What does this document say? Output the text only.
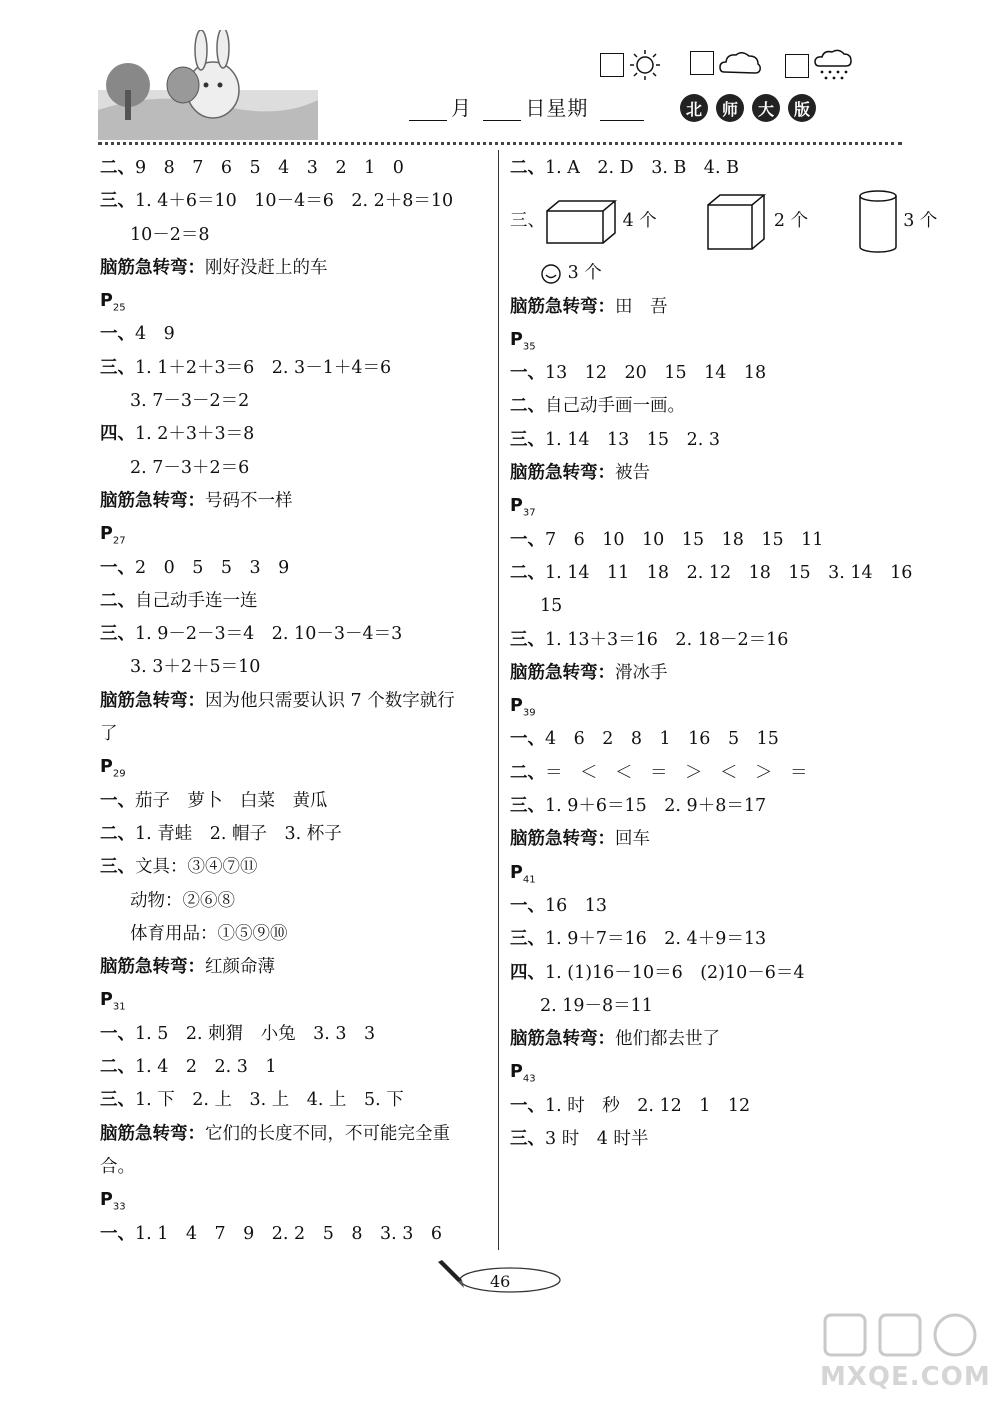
月	日星期	北	师	大	版
二、9　8　7　6　5　4　3　2　1　0
三、1. 4＋6＝10　10－4＝6　2. 2＋8＝10
10－2＝8
脑筋急转弯：刚好没赶上的车
$P_{25}$
一、4　9
三、1. 1＋2＋3＝6　2. 3－1＋4＝6
3. 7－3－2＝2
四、1. 2＋3＋3＝8
2. 7－3＋2＝6
脑筋急转弯：号码不一样
$P_{27}$
一、2　0　5　5　3　9
二、自己动手连一连
三、1. 9－2－3＝4　2. 10－3－4＝3
3. 3＋2＋5＝10
脑筋急转弯：因为他只需要认识 7 个数字就行
了
$P_{29}$
一、茄子　萝卜　白菜　黄瓜
二、1. 青蛙　2. 帽子　3. 杯子
三、文具：③④⑦⑪
动物：②⑥⑧
体育用品：①⑤⑨⑩
脑筋急转弯：红颜命薄
$P_{31}$
一、1. 5　2. 刺猬　小兔　3. 3　3
二、1. 4　2　2. 3　1
三、1. 下　2. 上　3. 上　4. 上　5. 下
脑筋急转弯：它们的长度不同，不可能完全重
合。
$P_{33}$
一、1. 1　4　7　9　2. 2　5　8　3. 3　6
二、1. A　2. D　3. B　4. B
三、	4 个	2 个	3 个
3 个
脑筋急转弯：田　吾
$P_{35}$
一、13　12　20　15　14　18
二、自己动手画一画。
三、1. 14　13　15　2. 3
脑筋急转弯：被告
$P_{37}$
一、7　6　10　10　15　18　15　11
二、1. 14　11　18　2. 12　18　15　3. 14　16
15
三、1. 13＋3＝16　2. 18－2＝16
脑筋急转弯：滑冰手
$P_{39}$
一、4　6　2　8　1　16　5　15
二、＝　＜　＜　＝　＞　＜　＞　＝
三、1. 9＋6＝15　2. 9＋8＝17
脑筋急转弯：回车
$P_{41}$
一、16　13
三、1. 9＋7＝16　2. 4＋9＝13
四、1. (1)16－10＝6　(2)10－6＝4
2. 19－8＝11
脑筋急转弯：他们都去世了
$P_{43}$
一、1. 时　秒　2. 12　1　12
三、3 时　4 时半
46
MXQE.COM
